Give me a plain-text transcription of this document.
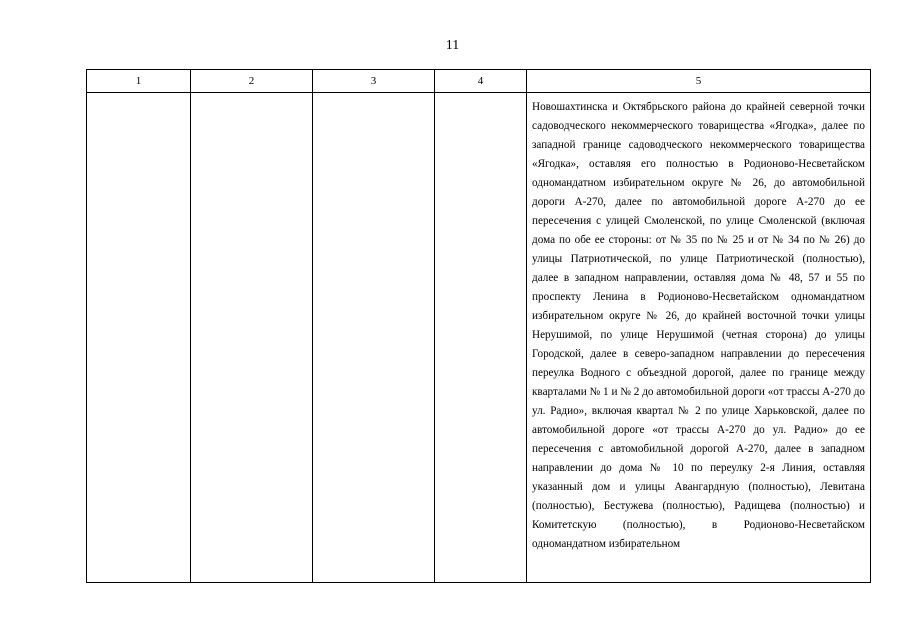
11
1	2	3	4	5
				Новошахтинска и Октябрьского района до крайней северной точки садоводческого некоммерческого товарищества «Ягодка», далее по западной границе садоводческого некоммерческого товарищества «Ягодка», оставляя его полностью в Родионово-Несветайском одномандатном избирательном округе № 26, до автомобильной дороги А-270, далее по автомобильной дороге А-270 до ее пересечения с улицей Смоленской, по улице Смоленской (включая дома по обе ее стороны: от № 35 по № 25 и от № 34 по № 26) до улицы Патриотической, по улице Патриотической (полностью), далее в западном направлении, оставляя дома № 48, 57 и 55 по проспекту Ленина в Родионово-Несветайском одномандатном избирательном округе № 26, до крайней восточной точки улицы Нерушимой, по улице Нерушимой (четная сторона) до улицы Городской, далее в северо-западном направлении до пересечения переулка Водного с объездной дорогой, далее по границе между кварталами № 1 и № 2 до автомобильной дороги «от трассы А-270 до ул. Радио», включая квартал № 2 по улице Харьковской, далее по автомобильной дороге «от трассы А-270 до ул. Радио» до ее пересечения с автомобильной дорогой А-270, далее в западном направлении до дома № 10 по переулку 2-я Линия, оставляя указанный дом и улицы Авангардную (полностью), Левитана (полностью), Бестужева (полностью), Радищева (полностью) и Комитетскую (полностью), в Родионово-Несветайском одномандатном избирательном
